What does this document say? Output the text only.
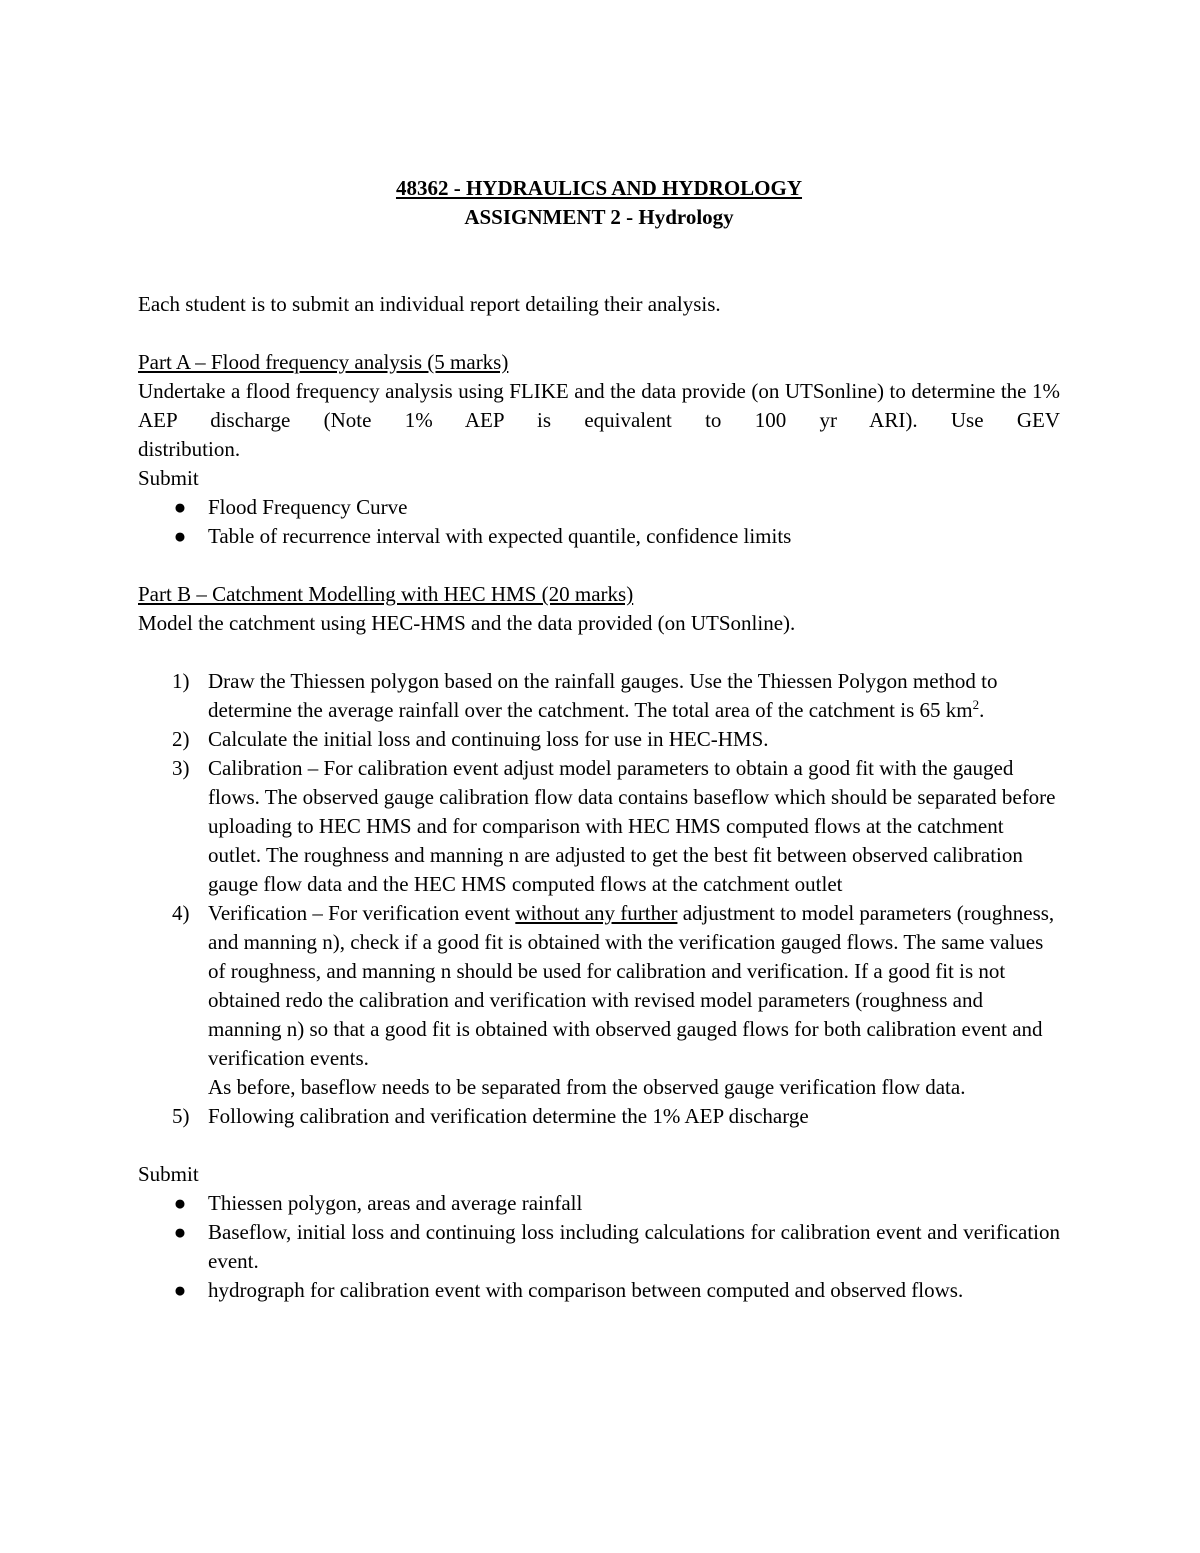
48362 - HYDRAULICS AND HYDROLOGY

ASSIGNMENT 2 - Hydrology

Each student is to submit an individual report detailing their analysis.

Part A – Flood frequency analysis (5 marks)

Undertake a flood frequency analysis using FLIKE and the data provide (on UTSonline) to determine the 1% AEP discharge (Note 1% AEP is equivalent to 100 yr ARI). Use GEV

distribution.

Submit

● Flood Frequency Curve
● Table of recurrence interval with expected quantile, confidence limits

Part B – Catchment Modelling with HEC HMS (20 marks)

Model the catchment using HEC-HMS and the data provided (on UTSonline).

1) Draw the Thiessen polygon based on the rainfall gauges. Use the Thiessen Polygon method to determine the average rainfall over the catchment. The total area of the catchment is 65 $km^2$.
2) Calculate the initial loss and continuing loss for use in HEC-HMS.
3) Calibration – For calibration event adjust model parameters to obtain a good fit with the gauged flows. The observed gauge calibration flow data contains baseflow which should be separated before uploading to HEC HMS and for comparison with HEC HMS computed flows at the catchment outlet. The roughness and manning n are adjusted to get the best fit between observed calibration gauge flow data and the HEC HMS computed flows at the catchment outlet
4) Verification – For verification event without any further adjustment to model parameters (roughness, and manning n), check if a good fit is obtained with the verification gauged flows. The same values of roughness, and manning n should be used for calibration and verification. If a good fit is not obtained redo the calibration and verification with revised model parameters (roughness and manning n) so that a good fit is obtained with observed gauged flows for both calibration event and verification events.
As before, baseflow needs to be separated from the observed gauge verification flow data.
5) Following calibration and verification determine the 1% AEP discharge

Submit

● Thiessen polygon, areas and average rainfall
● Baseflow, initial loss and continuing loss including calculations for calibration event and verification event.
● hydrograph for calibration event with comparison between computed and observed flows.
